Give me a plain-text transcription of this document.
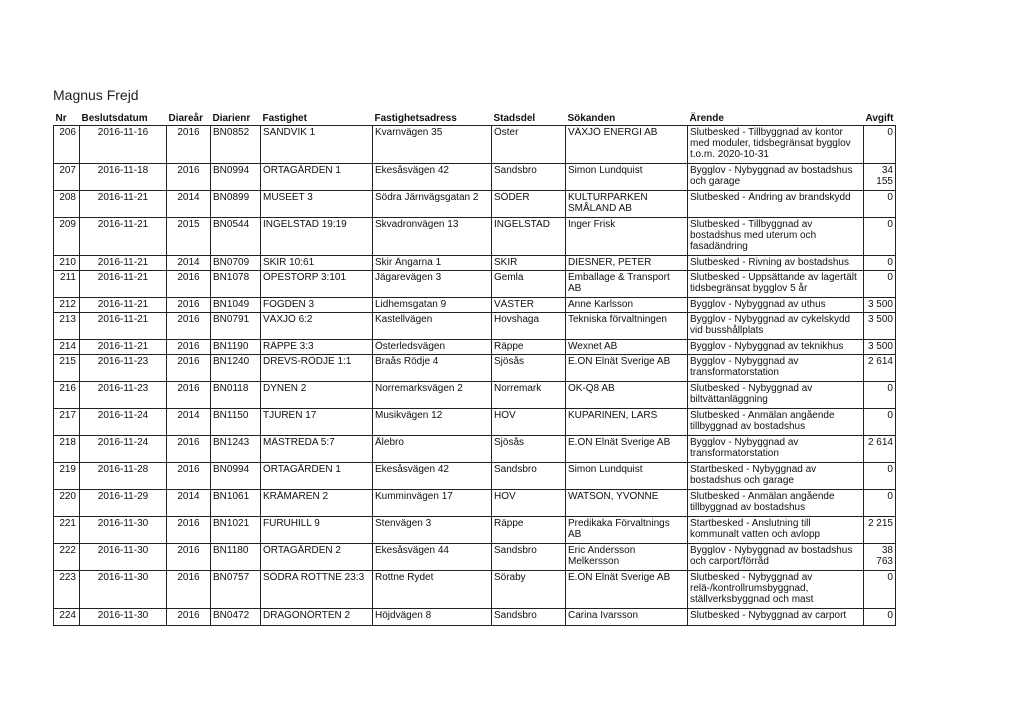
Magnus Frejd
Nr	Beslutsdatum	Diareår	Diarienr	Fastighet	Fastighetsadress	Stadsdel	Sökanden	Ärende	Avgift

206	2016-11-16	2016	BN0852	SANDVIK 1	Kvarnvägen 35	Öster	VÄXJÖ ENERGI AB	Slutbesked - Tillbyggnad av kontor med moduler, tidsbegränsat bygglov t.o.m. 2020-10-31	0

207	2016-11-18	2016	BN0994	ÖRTAGÅRDEN 1	Ekesåsvägen 42	Sandsbro	Simon Lundquist	Bygglov - Nybyggnad av bostadshus och garage	34 155

208	2016-11-21	2014	BN0899	MUSEET 3	Södra Järnvägsgatan 2	SÖDER	KULTURPARKEN SMÅLAND AB	Slutbesked - Ändring av brandskydd	0

209	2016-11-21	2015	BN0544	INGELSTAD 19:19	Skvadronvägen 13	INGELSTAD	Inger Frisk	Slutbesked - Tillbyggnad av bostadshus med uterum och fasadändring	0

210	2016-11-21	2014	BN0709	SKIR 10:61	Skir Ängarna 1	SKIR	DIESNER, PETER	Slutbesked - Rivning av bostadshus	0

211	2016-11-21	2016	BN1078	ÖPESTORP 3:101	Jägarevägen 3	Gemla	Emballage & Transport AB	Slutbesked - Uppsättande av lagertält tidsbegränsat bygglov 5 år	0

212	2016-11-21	2016	BN1049	FOGDEN 3	Lidhemsgatan 9	VÄSTER	Anne Karlsson	Bygglov - Nybyggnad av uthus	3 500

213	2016-11-21	2016	BN0791	VÄXJÖ 6:2	Kastellvägen	Hovshaga	Tekniska förvaltningen	Bygglov - Nybyggnad av cykelskydd vid busshållplats	3 500

214	2016-11-21	2016	BN1190	RÄPPE 3:3	Österledsvägen	Räppe	Wexnet AB	Bygglov - Nybyggnad av teknikhus	3 500

215	2016-11-23	2016	BN1240	DREVS-RÖDJE 1:1	Braås Rödje 4	Sjösås	E.ON Elnät Sverige AB	Bygglov - Nybyggnad av transformatorstation	2 614

216	2016-11-23	2016	BN0118	DYNEN 2	Norremarksvägen 2	Norremark	OK-Q8 AB	Slutbesked - Nybyggnad av biltvättanläggning	0

217	2016-11-24	2014	BN1150	TJUREN 17	Musikvägen 12	HOV	KUPARINEN, LARS	Slutbesked - Anmälan angående tillbyggnad av bostadshus	0

218	2016-11-24	2016	BN1243	MÄSTREDA 5:7	Ålebro	Sjösås	E.ON Elnät Sverige AB	Bygglov - Nybyggnad av transformatorstation	2 614

219	2016-11-28	2016	BN0994	ÖRTAGÅRDEN 1	Ekesåsvägen 42	Sandsbro	Simon Lundquist	Startbesked - Nybyggnad av bostadshus och garage	0

220	2016-11-29	2014	BN1061	KRÅMAREN 2	Kumminvägen 17	HOV	WATSON, YVONNE	Slutbesked - Anmälan angående tillbyggnad av bostadshus	0

221	2016-11-30	2016	BN1021	FURUHILL 9	Stenvägen 3	Räppe	Predikaka Förvaltnings AB	Startbesked - Anslutning till kommunalt vatten och avlopp	2 215

222	2016-11-30	2016	BN1180	ÖRTAGÅRDEN 2	Ekesåsvägen 44	Sandsbro	Eric Andersson Melkersson	Bygglov - Nybyggnad av bostadshus och carport/förråd	38 763

223	2016-11-30	2016	BN0757	SÖDRA ROTTNE 23:3	Rottne Rydet	Söraby	E.ON Elnät Sverige AB	Slutbesked - Nybyggnad av relä-/kontrollrumsbyggnad, ställverksbyggnad och mast	0

224	2016-11-30	2016	BN0472	DRAGONÖRTEN 2	Höjdvägen 8	Sandsbro	Carina Ivarsson	Slutbesked - Nybyggnad av carport	0
